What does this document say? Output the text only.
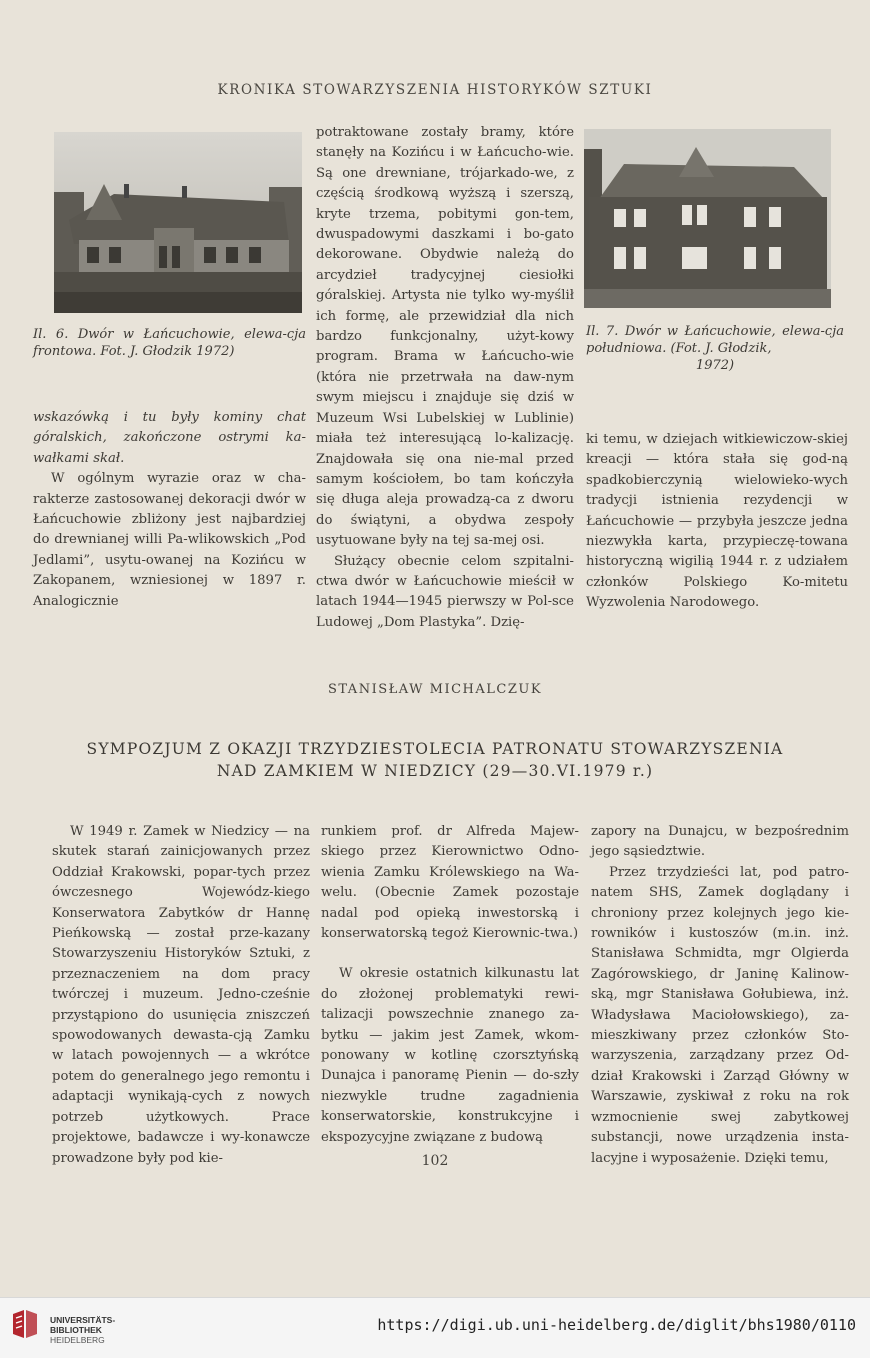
KRONIKA STOWARZYSZENIA HISTORYKÓW SZTUKI
Il. 6. Dwór w Łańcuchowie, elewa-cja frontowa. Fot. J. Głodzik 1972)
Il. 7. Dwór w Łańcuchowie, elewa-cja południowa. (Fot. J. Głodzik,
1972)

wskazówką i tu były kominy chat góralskich, zakończone ostrymi ka-wałkami skał.

W ogólnym wyrazie oraz w cha-rakterze zastosowanej dekoracji dwór w Łańcuchowie zbliżony jest najbardziej do drewnianej willi Pa-wlikowskich „Pod Jedlami”, usytu-owanej na Kozińcu w Zakopanem, wzniesionej w 1897 r. Analogicznie

potraktowane zostały bramy, które stanęły na Kozińcu i w Łańcucho-wie. Są one drewniane, trójarkado-we, z częścią środkową wyższą i szerszą, kryte trzema, pobitymi gon-tem, dwuspadowymi daszkami i bo-gato dekorowane. Obydwie należą do arcydzieł tradycyjnej ciesiołki góralskiej. Artysta nie tylko wy-myślił ich formę, ale przewidział dla nich bardzo funkcjonalny, użyt-kowy program. Brama w Łańcucho-wie (która nie przetrwała na daw-nym swym miejscu i znajduje się dziś w Muzeum Wsi Lubelskiej w Lublinie) miała też interesującą lo-kalizację. Znajdowała się ona nie-mal przed samym kościołem, bo tam kończyła się długa aleja prowadzą-ca z dworu do świątyni, a obydwa zespoły usytuowane były na tej sa-mej osi.

Służący obecnie celom szpitalni-ctwa dwór w Łańcuchowie mieścił w latach 1944—1945 pierwszy w Pol-sce Ludowej „Dom Plastyka”. Dzię-

ki temu, w dziejach witkiewiczow-skiej kreacji — która stała się god-ną spadkobierczynią wielowieko-wych tradycji istnienia rezydencji w Łańcuchowie — przybyła jeszcze jedna niezwykła karta, przypieczę-towana historyczną wigilią 1944 r. z udziałem członków Polskiego Ko-mitetu Wyzwolenia Narodowego.

STANISŁAW MICHALCZUK
SYMPOZJUM Z OKAZJI TRZYDZIESTOLECIA PATRONATU STOWARZYSZENIA
NAD ZAMKIEM W NIEDZICY (29—30.VI.1979 r.)

W 1949 r. Zamek w Niedzicy — na skutek starań zainicjowanych przez Oddział Krakowski, popar-tych przez ówczesnego Wojewódz-kiego Konserwatora Zabytków dr Hannę Pieńkowską — został prze-kazany Stowarzyszeniu Historyków Sztuki, z przeznaczeniem na dom pracy twórczej i muzeum. Jedno-cześnie przystąpiono do usunięcia zniszczeń spowodowanych dewasta-cją Zamku w latach powojennych — a wkrótce potem do generalnego jego remontu i adaptacji wynikają-cych z nowych potrzeb użytkowych. Prace projektowe, badawcze i wy-konawcze prowadzone były pod kie-

runkiem prof. dr Alfreda Majew-skiego przez Kierownictwo Odno-wienia Zamku Królewskiego na Wa-welu. (Obecnie Zamek pozostaje nadal pod opieką inwestorską i konserwatorską tegoż Kierownic-twa.)

W okresie ostatnich kilkunastu lat do złożonej problematyki rewi-talizacji powszechnie znanego za-bytku — jakim jest Zamek, wkom-ponowany w kotlinę czorsztyńską Dunajca i panoramę Pienin — do-szły niezwykle trudne zagadnienia konserwatorskie, konstrukcyjne i ekspozycyjne związane z budową

zapory na Dunajcu, w bezpośrednim jego sąsiedztwie.

Przez trzydzieści lat, pod patro-natem SHS, Zamek doglądany i chroniony przez kolejnych jego kie-rowników i kustoszów (m.in. inż. Stanisława Schmidta, mgr Olgierda Zagórowskiego, dr Janinę Kalinow-ską, mgr Stanisława Gołubiewa, inż. Władysława Maciołowskiego), za-mieszkiwany przez członków Sto-warzyszenia, zarządzany przez Od-dział Krakowski i Zarząd Główny w Warszawie, zyskiwał z roku na rok wzmocnienie swej zabytkowej substancji, nowe urządzenia insta-lacyjne i wyposażenie. Dzięki temu,

102
UNIVERSITÄTS-
BIBLIOTHEK
HEIDELBERG
https://digi.ub.uni-heidelberg.de/diglit/bhs1980/0110
